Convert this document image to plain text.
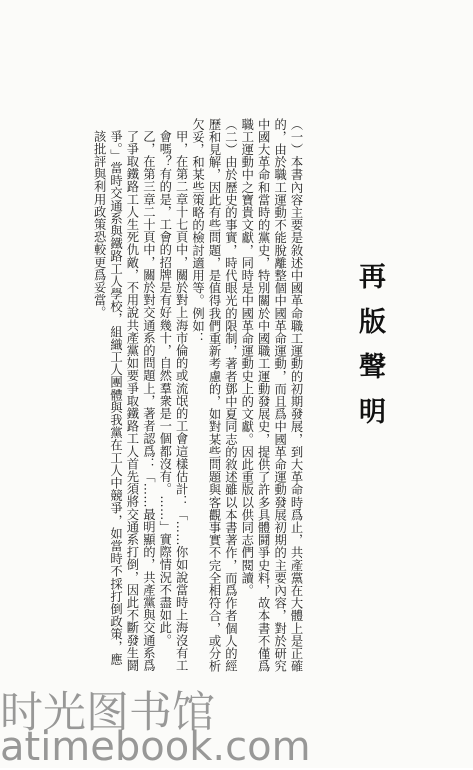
再版聲明

（一）本書內容主要是敘述中國革命職工運動的初期發展，到大革命時爲止，共產黨在大體上是正確的，由於職工運動不能脫離整個中國革命運動，而且爲中國革命運動發展初期的主要內容，對於研究中國大革命和當時的黨史，特別關於中國職工運動發展史，提供了許多具體鬪爭史料，故本書不僅爲職工運動中之寶貴文獻，同時是中國革命運動史上的文獻。因此重版以供同志們閱讀。

（二）由於歷史的事實，時代眼光的限制，著者鄧中夏同志的敘述雖以本書著作，而爲作者個人的經歷和見解，因此有些問題，是值得我們重新考慮的，如對某些問題與客觀事實不完全相符合，或分析欠妥，和某些策略的檢討適用等。例如：

甲，在第二章十七頁中，關於對上海市倫的或流氓的工會這樣估計：「……你如說當時上海沒有工會嗎？有的是，工會的招牌是有好幾十，自然羣衆是一個都沒有。……」實際情況不盡如此。

乙，在第三章二十頁中，關於對交通系的問題上，著者認爲：「……最明顯的，共產黨與交通系爲了爭取鐵路工人生死仇敵，不用說共產黨如要爭取鐵路工人首先須將交通系打倒，因此不斷發生鬪爭。」當時交通系與鐵路工人學校，組織工人團體與我黨在工人中競爭，如當時不採打倒政策，應該批評與利用政策恐較更爲妥當。

时光图书馆
atimebook.com
